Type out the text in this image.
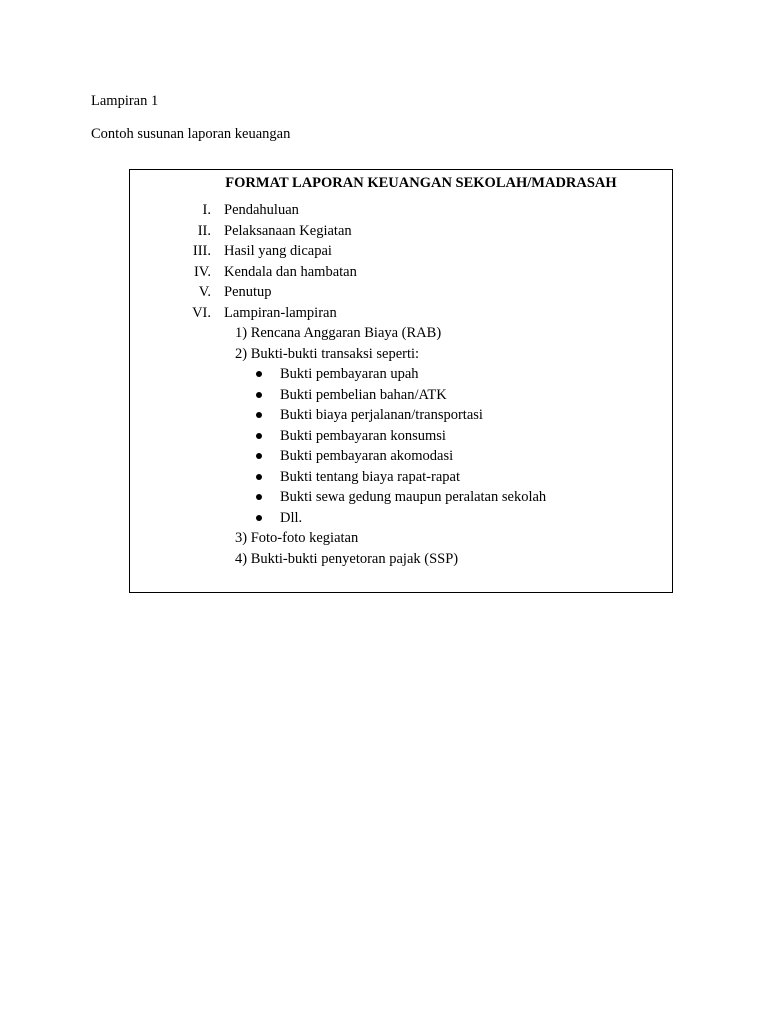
Lampiran 1
Contoh susunan laporan keuangan
FORMAT LAPORAN KEUANGAN SEKOLAH/MADRASAH
I. Pendahuluan
II. Pelaksanaan Kegiatan
III. Hasil yang dicapai
IV. Kendala dan hambatan
V. Penutup
VI. Lampiran-lampiran
1) Rencana Anggaran Biaya (RAB)
2) Bukti-bukti transaksi seperti:
Bukti pembayaran upah
Bukti pembelian bahan/ATK
Bukti biaya perjalanan/transportasi
Bukti pembayaran konsumsi
Bukti pembayaran akomodasi
Bukti tentang biaya rapat-rapat
Bukti sewa gedung maupun peralatan sekolah
Dll.
3) Foto-foto kegiatan
4) Bukti-bukti penyetoran pajak (SSP)
